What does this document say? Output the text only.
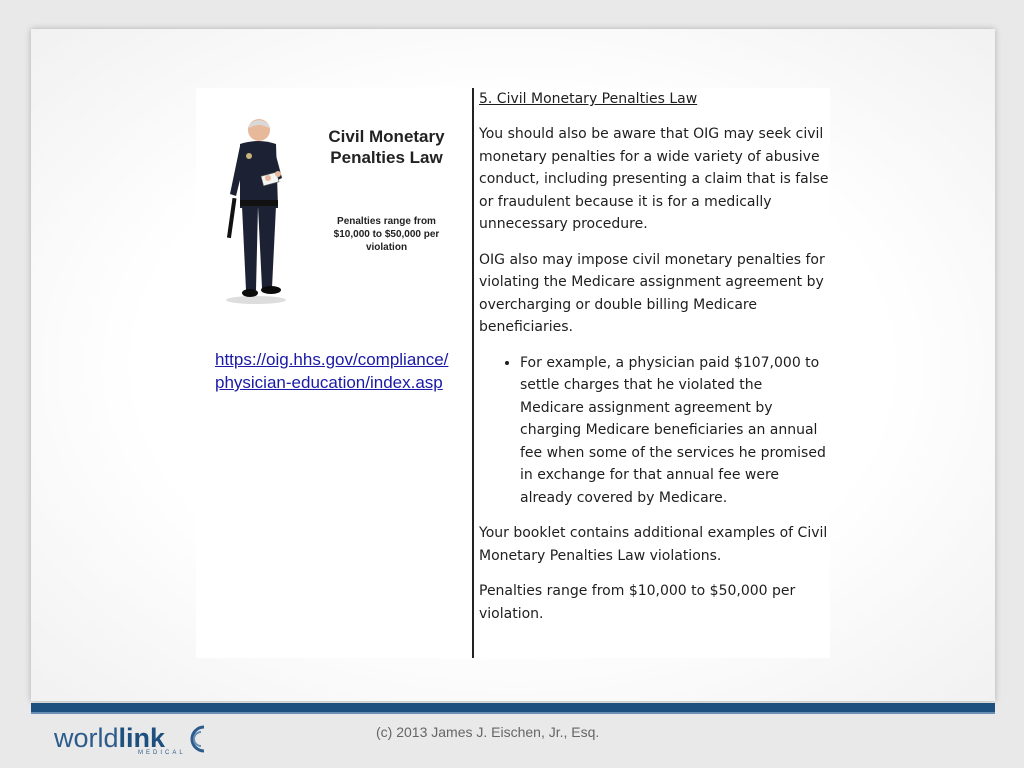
Civil Monetary Penalties Law
Penalties range from $10,000 to $50,000 per violation
https://oig.hhs.gov/compliance/physician-education/index.asp

5. Civil Monetary Penalties Law

You should also be aware that OIG may seek civil monetary penalties for a wide variety of abusive conduct, including presenting a claim that is false or fraudulent because it is for a medically unnecessary procedure.

OIG also may impose civil monetary penalties for violating the Medicare assignment agreement by overcharging or double billing Medicare beneficiaries.

• For example, a physician paid $107,000 to settle charges that he violated the Medicare assignment agreement by charging Medicare beneficiaries an annual fee when some of the services he promised in exchange for that annual fee were already covered by Medicare.

Your booklet contains additional examples of Civil Monetary Penalties Law violations.

Penalties range from $10,000 to $50,000 per violation.

worldlink
MEDICAL
(c) 2013 James J. Eischen, Jr., Esq.
